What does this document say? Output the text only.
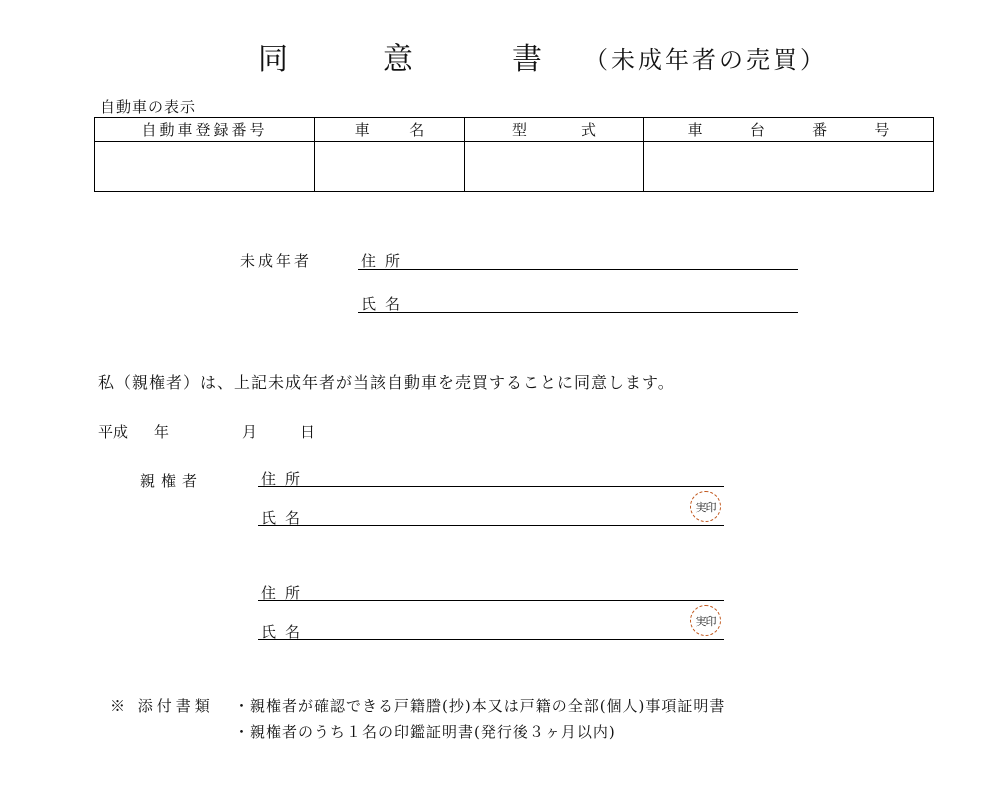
同	意	書 （未成年者の売買）
自動車の表示
自動車登録番号	車 名	型 式	車 台 番 号

未成年者	住 所
氏 名
私（親権者）は、上記未成年者が当該自動車を売買することに同意します。
平成 年	月	日
親権者	住 所
氏 名
実印
住 所
氏 名
実印
※ 添付書類 ・親権者が確認できる戸籍謄(抄)本又は戸籍の全部(個人)事項証明書
・親権者のうち１名の印鑑証明書(発行後３ヶ月以内)
